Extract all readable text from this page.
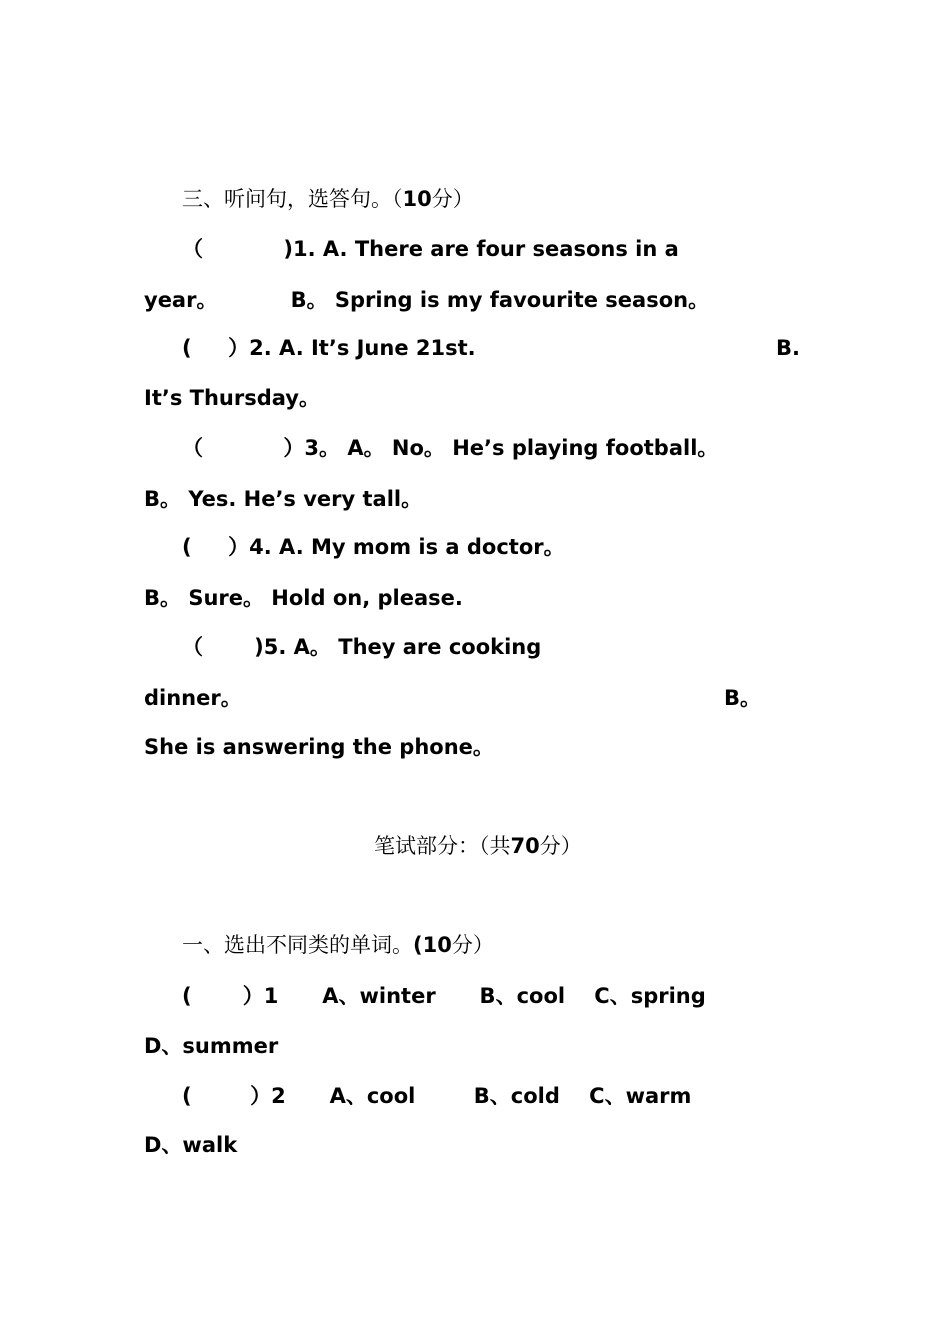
三、听问句，选答句。（10分）
（           )1. A. There are four seasons in a
year。          B。 Spring is my favourite season。
(     ）2. A. It’s June 21st.	B.
It’s Thursday。
（           ）3。 A。 No。 He’s playing football。
B。 Yes. He’s very tall。
(     ）4. A. My mom is a doctor。
B。 Sure。 Hold on, please.
（       )5. A。 They are cooking
dinner。	B。
She is answering the phone。
笔试部分：（共70分）
一、选出不同类的单词。(10分）
(       ）1      A、winter      B、cool    C、spring
D、summer
(        ）2      A、cool        B、cold    C、warm
D、walk
